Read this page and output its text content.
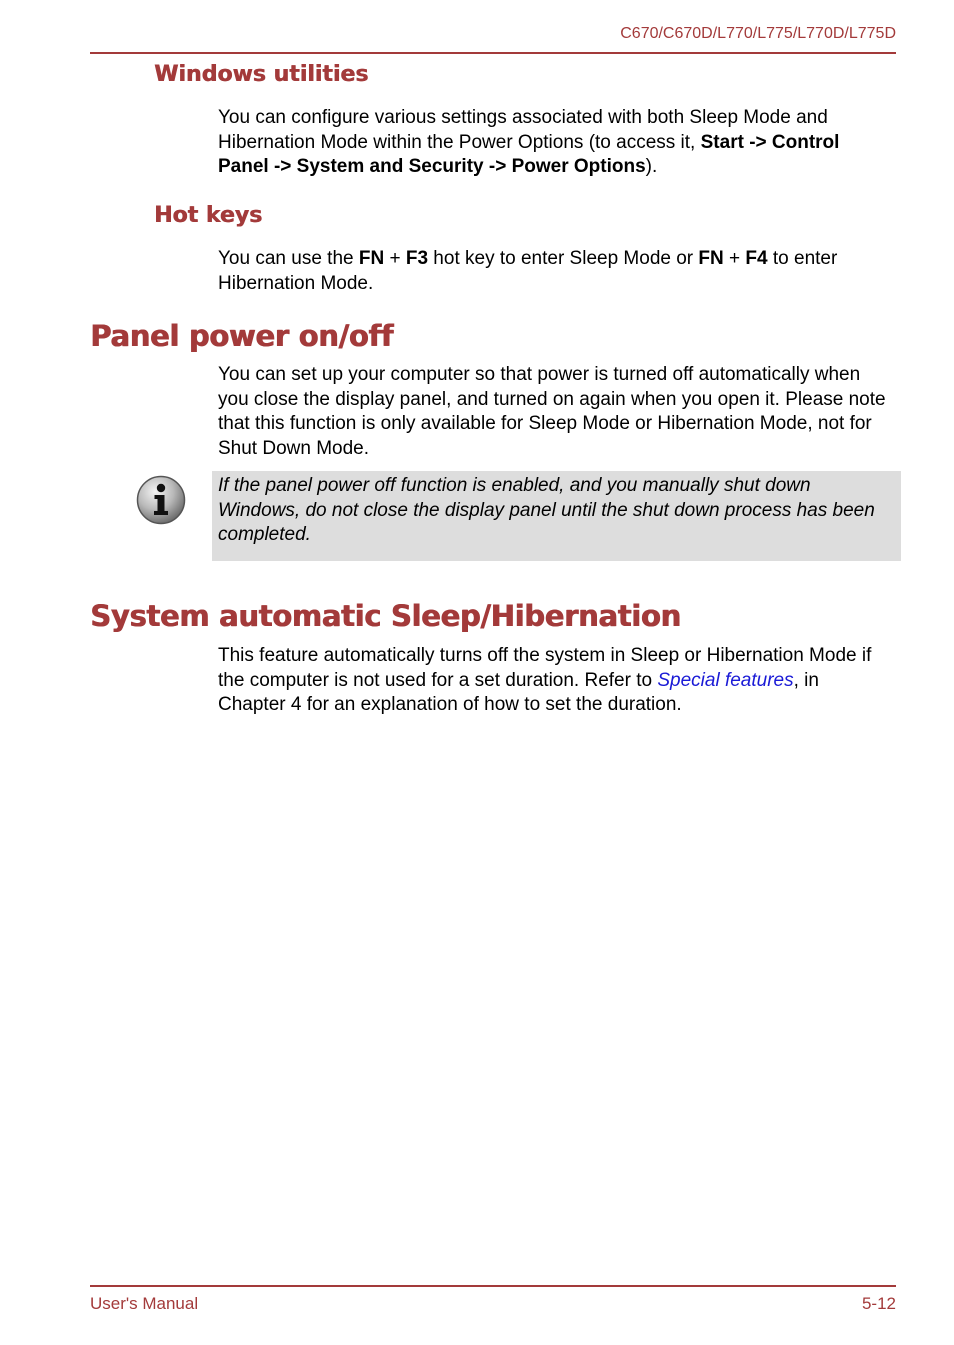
C670/C670D/L770/L775/L770D/L775D
Windows utilities

You can configure various settings associated with both Sleep Mode and Hibernation Mode within the Power Options (to access it, Start -> Control Panel -> System and Security -> Power Options).

Hot keys

You can use the FN + F3 hot key to enter Sleep Mode or FN + F4 to enter Hibernation Mode.

Panel power on/off

You can set up your computer so that power is turned off automatically when you close the display panel, and turned on again when you open it. Please note that this function is only available for Sleep Mode or Hibernation Mode, not for Shut Down Mode.

If the panel power off function is enabled, and you manually shut down Windows, do not close the display panel until the shut down process has been completed.

System automatic Sleep/Hibernation

This feature automatically turns off the system in Sleep or Hibernation Mode if the computer is not used for a set duration. Refer to Special features, in Chapter 4 for an explanation of how to set the duration.

User's Manual	5-12
